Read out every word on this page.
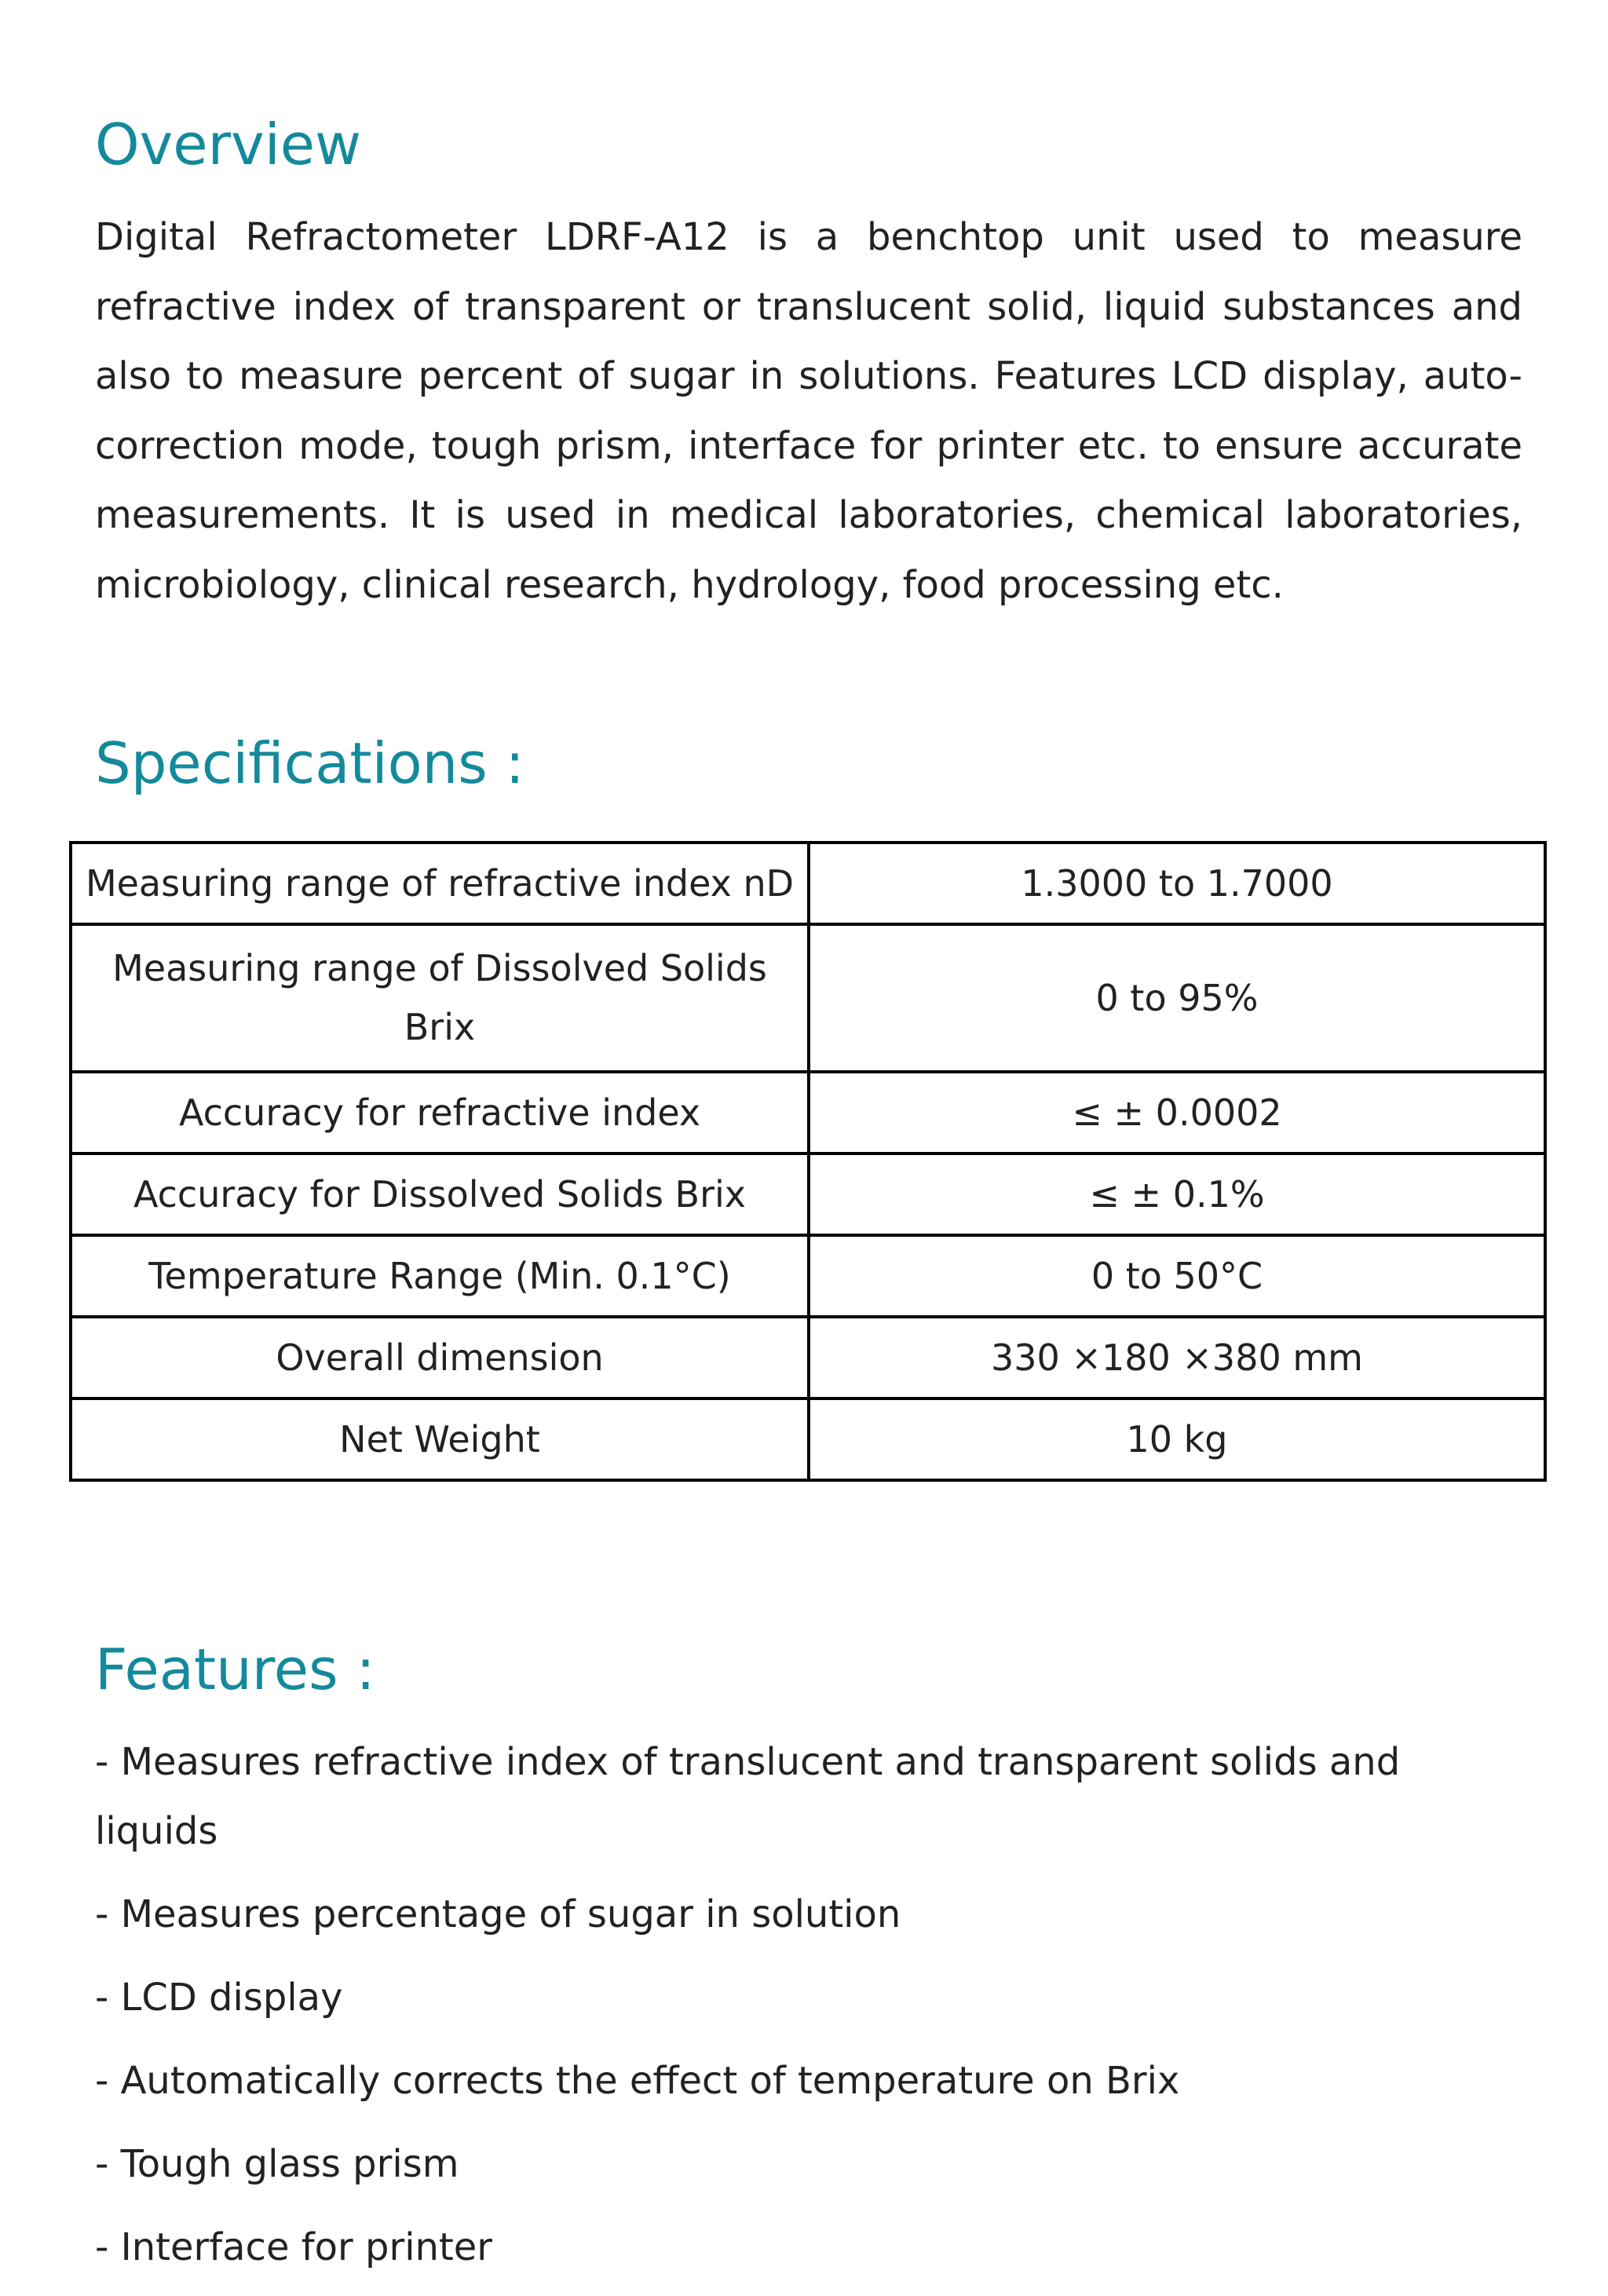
Overview

Digital Refractometer LDRF-A12 is a benchtop unit used to measure refractive index of transparent or translucent solid, liquid substances and also to measure percent of sugar in solutions. Features LCD display, auto-correction mode, tough prism, interface for printer etc. to ensure accurate measurements. It is used in medical laboratories, chemical laboratories, microbiology, clinical research, hydrology, food processing etc.

Specifications :
Measuring range of refractive index nD	1.3000 to 1.7000
Measuring range of Dissolved Solids Brix	0 to 95%
Accuracy for refractive index	≤ ± 0.0002
Accuracy for Dissolved Solids Brix	≤ ± 0.1%
Temperature Range (Min. 0.1°C)	0 to 50°C
Overall dimension	330 ×180 ×380 mm
Net Weight	10 kg
Features :
- Measures refractive index of translucent and transparent solids and liquids
- Measures percentage of sugar in solution
- LCD display
- Automatically corrects the effect of temperature on Brix
- Tough glass prism
- Interface for printer
